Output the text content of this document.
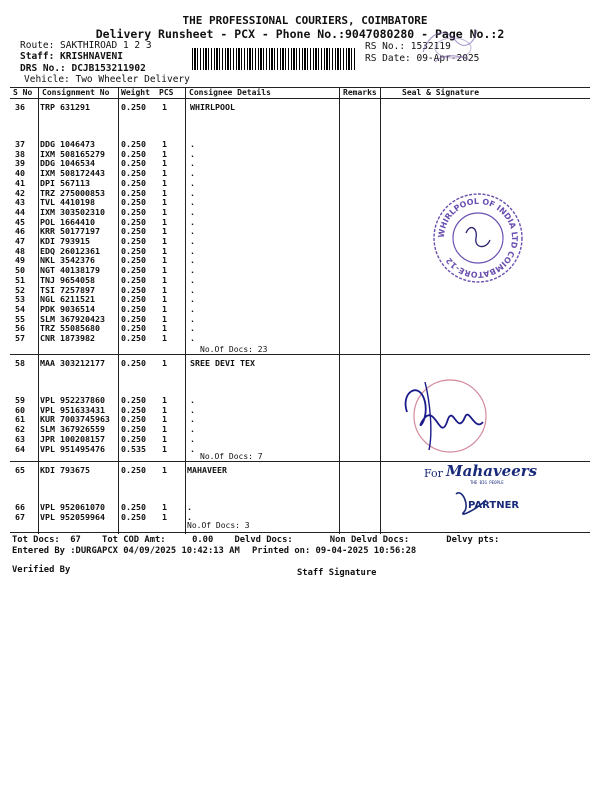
THE PROFESSIONAL COURIERS, COIMBATORE
Delivery Runsheet - PCX - Phone No.:9047080280 - Page No.:2
Route: SAKTHIROAD 1 2 3
Staff: KRISHNAVENI
DRS No.: DCJB153211902
Vehicle: Two Wheeler Delivery
RS No.: 1532119
RS Date: 09-Apr-2025
S No Consignment No Weight PCS Consignee Details	Remarks	Seal & Signature
36 TRP 631291	0.250 1	WHIRLPOOL
37 DDG 1046473	0.250 1	.
38 IXM 508165279 0.250 1	.
39 DDG 1046534	0.250 1	.
40 IXM 508172443 0.250 1	.
41 DPI 567113	0.250 1	.
42 TRZ 275000853 0.250 1	.
43 TVL 4410198	0.250 1	.
44 IXM 303502310 0.250 1	.
45 POL 1664410	0.250 1	.
46 KRR 50177197	0.250 1	.
47 KDI 793915	0.250 1	.
48 EDQ 26012361	0.250 1	.
49 NKL 3542376	0.250 1	.
50 NGT 40138179	0.250 1	.
51 TNJ 9654058	0.250 1	.
52 TSI 7257897	0.250 1	.
53 NGL 6211521	0.250 1	.
54 PDK 9036514	0.250 1	.
55 SLM 367920423 0.250 1	.
56 TRZ 55085680	0.250 1	.
57 CNR 1873982	0.250 1	.
No.Of Docs: 23
58 MAA 303212177 0.250 1	SREE DEVI TEX
59 VPL 952237860 0.250 1	.
60 VPL 951633431 0.250 1	.
61 KUR 7003745963 0.250 1	.
62 SLM 367926559 0.250 1	.
63 JPR 100208157 0.250 1	.
64 VPL 951495476 0.535 1	.
No.Of Docs: 7
65 KDI 793675	0.250 1 MAHAVEER
66 VPL 952061070 0.250 1 .
67 VPL 952059964 0.250 1 .
No.Of Docs: 3
WHIRLPOOL OF INDIA LTD COIMBATORE-12
For Mahaveers
THE BIG PEOPLE
PARTNER
Tot Docs:  67    Tot COD Amt:     0.00    Delvd Docs:       Non Delvd Docs:       Delvy pts:
Entered By :DURGAPCX 04/09/2025 10:42:13 AM Printed on: 09-04-2025 10:56:28
Verified By	Staff Signature
